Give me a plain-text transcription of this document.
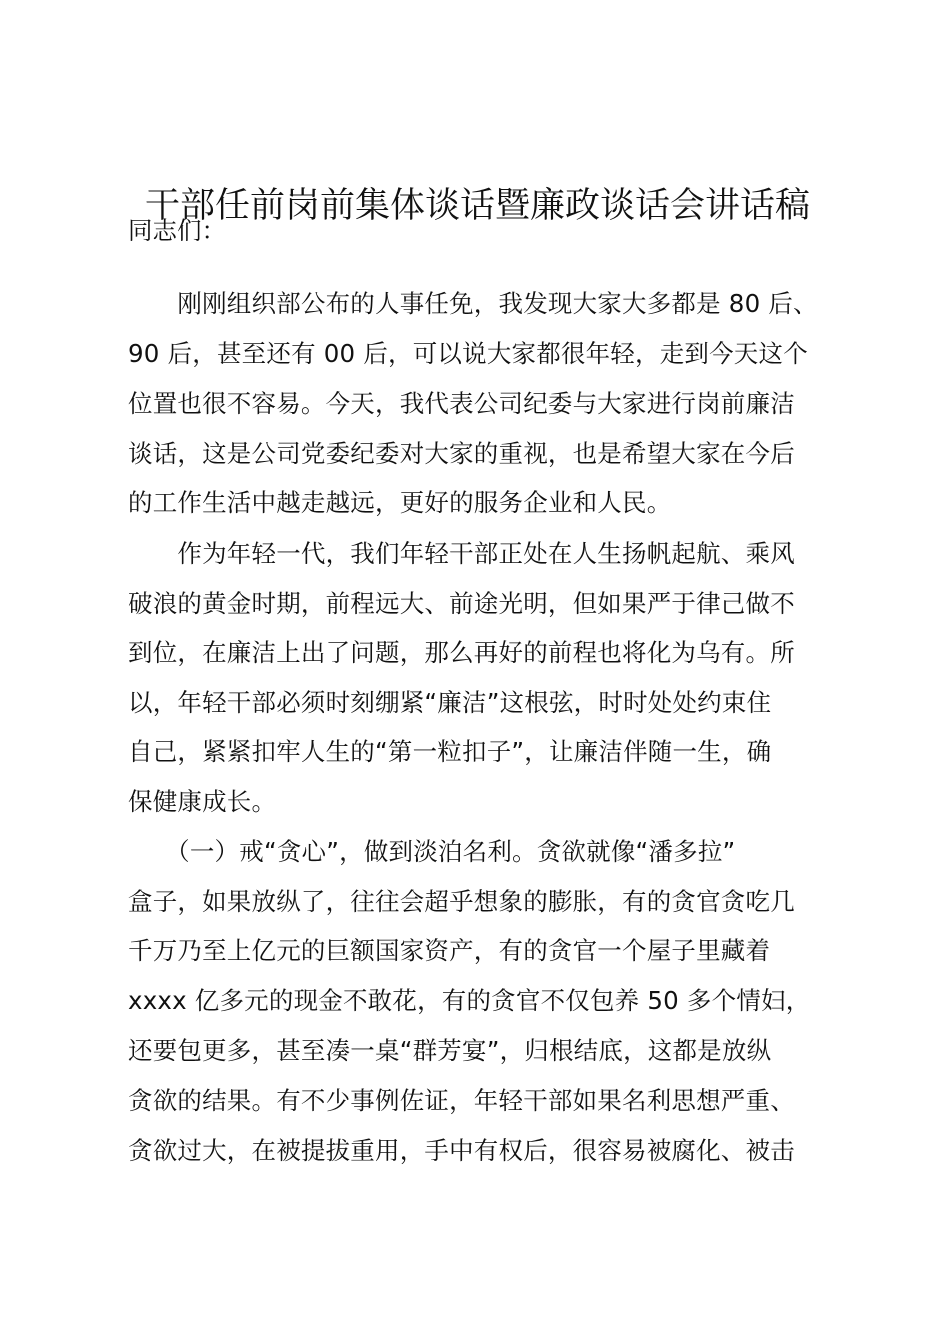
干部任前岗前集体谈话暨廉政谈话会讲话稿
同志们：
　　刚刚组织部公布的人事任免，我发现大家大多都是 80 后、
90 后，甚至还有 00 后，可以说大家都很年轻，走到今天这个
位置也很不容易。今天，我代表公司纪委与大家进行岗前廉洁
谈话，这是公司党委纪委对大家的重视，也是希望大家在今后
的工作生活中越走越远，更好的服务企业和人民。
　　作为年轻一代，我们年轻干部正处在人生扬帆起航、乘风
破浪的黄金时期，前程远大、前途光明，但如果严于律己做不
到位，在廉洁上出了问题，那么再好的前程也将化为乌有。所
以，年轻干部必须时刻绷紧“廉洁”这根弦，时时处处约束住
自己，紧紧扣牢人生的“第一粒扣子”，让廉洁伴随一生，确
保健康成长。
　　（一）戒“贪心”，做到淡泊名利。贪欲就像“潘多拉”
盒子，如果放纵了，往往会超乎想象的膨胀，有的贪官贪吃几
千万乃至上亿元的巨额国家资产，有的贪官一个屋子里藏着
xxxx 亿多元的现金不敢花，有的贪官不仅包养 50 多个情妇，
还要包更多，甚至凑一桌“群芳宴”，归根结底，这都是放纵
贪欲的结果。有不少事例佐证，年轻干部如果名利思想严重、
贪欲过大，在被提拔重用，手中有权后，很容易被腐化、被击
